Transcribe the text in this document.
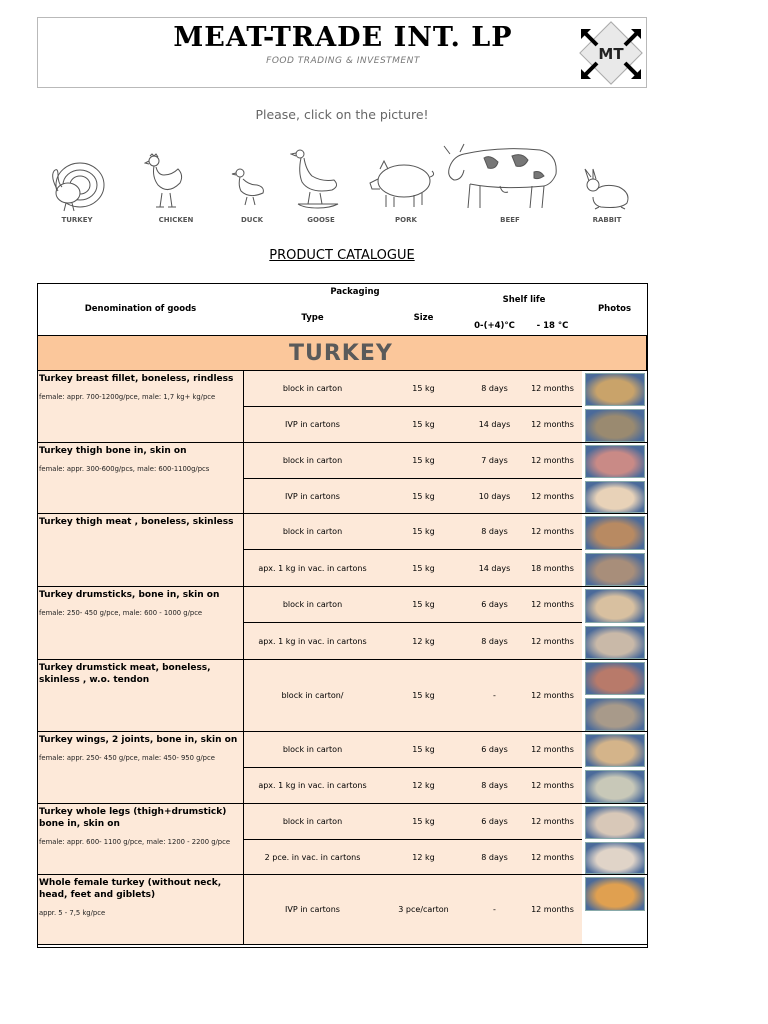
MEAT-TRADE INT. LP
FOOD TRADING & INVESTMENT	MT
Please, click on the picture!
TURKEY	CHICKEN	DUCK	GOOSE	PORK	BEEF	RABBIT
PRODUCT CATALOGUE
Denomination of goods
Packaging
Type	Size
Shelf life
0-(+4)°C	- 18 °C
Photos
TURKEY
Turkey breast fillet, boneless, rindless
female: appr. 700-1200g/pce, male: 1,7 kg+ kg/pce
block in carton	15 kg	8 days	12 months
IVP in cartons	15 kg	14 days	12 months
Turkey thigh bone in, skin on
female: appr. 300-600g/pcs, male: 600-1100g/pcs
block in carton	15 kg	7 days	12 months
IVP in cartons	15 kg	10 days	12 months
Turkey thigh meat , boneless, skinless
block in carton	15 kg	8 days	12 months
apx. 1 kg in vac. in cartons	15 kg	14 days	18 months
Turkey drumsticks, bone in, skin on
female: 250- 450 g/pce, male: 600 - 1000 g/pce
block in carton	15 kg	6 days	12 months
apx. 1 kg in vac. in cartons	12 kg	8 days	12 months
Turkey drumstick meat, boneless, skinless , w.o. tendon
block in carton/	15 kg	-	12 months
Turkey wings, 2 joints, bone in, skin on
female: appr. 250- 450 g/pce, male: 450- 950 g/pce
block in carton	15 kg	6 days	12 months
apx. 1 kg in vac. in cartons	12 kg	8 days	12 months
Turkey whole legs (thigh+drumstick) bone in, skin on
female: appr. 600- 1100 g/pce, male: 1200 - 2200 g/pce
block in carton	15 kg	6 days	12 months
2 pce. in vac. in cartons	12 kg	8 days	12 months
Whole female turkey (without neck, head, feet and giblets)
appr. 5 - 7,5 kg/pce	IVP in cartons	3 pce/carton	-	12 months
